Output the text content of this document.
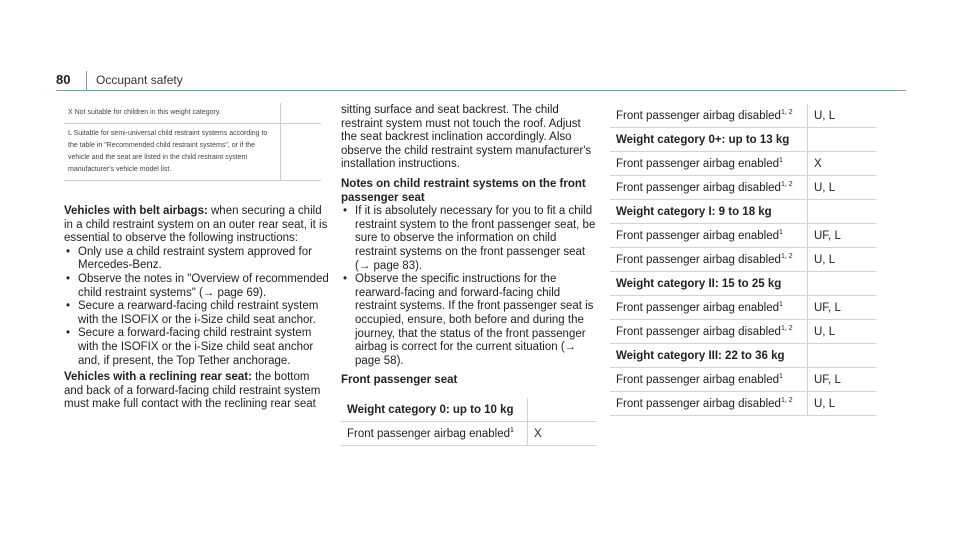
80 Occupant safety
X Not suitable for children in this weight category.	
L Suitable for semi-universal child restraint systems according to the table in "Recommended child restraint systems", or if the vehicle and the seat are listed in the child restraint system manufacturer's vehicle model list.	

Vehicles with belt airbags: when securing a child in a child restraint system on an outer rear seat, it is essential to observe the following instructions:

• Only use a child restraint system approved for Mercedes-Benz.
• Observe the notes in "Overview of recommended child restraint systems" (→ page 69).
• Secure a rearward-facing child restraint system with the ISOFIX or the i-Size child seat anchor.
• Secure a forward-facing child restraint system with the ISOFIX or the i-Size child seat anchor and, if present, the Top Tether anchorage.

Vehicles with a reclining rear seat: the bottom and back of a forward-facing child restraint system must make full contact with the reclining rear seat

sitting surface and seat backrest. The child restraint system must not touch the roof. Adjust the seat backrest inclination accordingly. Also observe the child restraint system manufacturer's installation instructions.

Notes on child restraint systems on the front passenger seat

• If it is absolutely necessary for you to fit a child restraint system to the front passenger seat, be sure to observe the information on child restraint systems on the front passenger seat (→ page 83).
• Observe the specific instructions for the rearward-facing and forward-facing child restraint systems. If the front passenger seat is occupied, ensure, both before and during the journey, that the status of the front passenger airbag is correct for the current situation (→ page 58).

Front passenger seat

Weight category 0: up to 10 kg	
Front passenger airbag enabled$^1$	X
Front passenger airbag disabled$^{1, 2}$	U, L
Weight category 0+: up to 13 kg	
Front passenger airbag enabled$^1$	X
Front passenger airbag disabled$^{1, 2}$	U, L
Weight category I: 9 to 18 kg	
Front passenger airbag enabled$^1$	UF, L
Front passenger airbag disabled$^{1, 2}$	U, L
Weight category II: 15 to 25 kg	
Front passenger airbag enabled$^1$	UF, L
Front passenger airbag disabled$^{1, 2}$	U, L
Weight category III: 22 to 36 kg	
Front passenger airbag enabled$^1$	UF, L
Front passenger airbag disabled$^{1, 2}$	U, L
